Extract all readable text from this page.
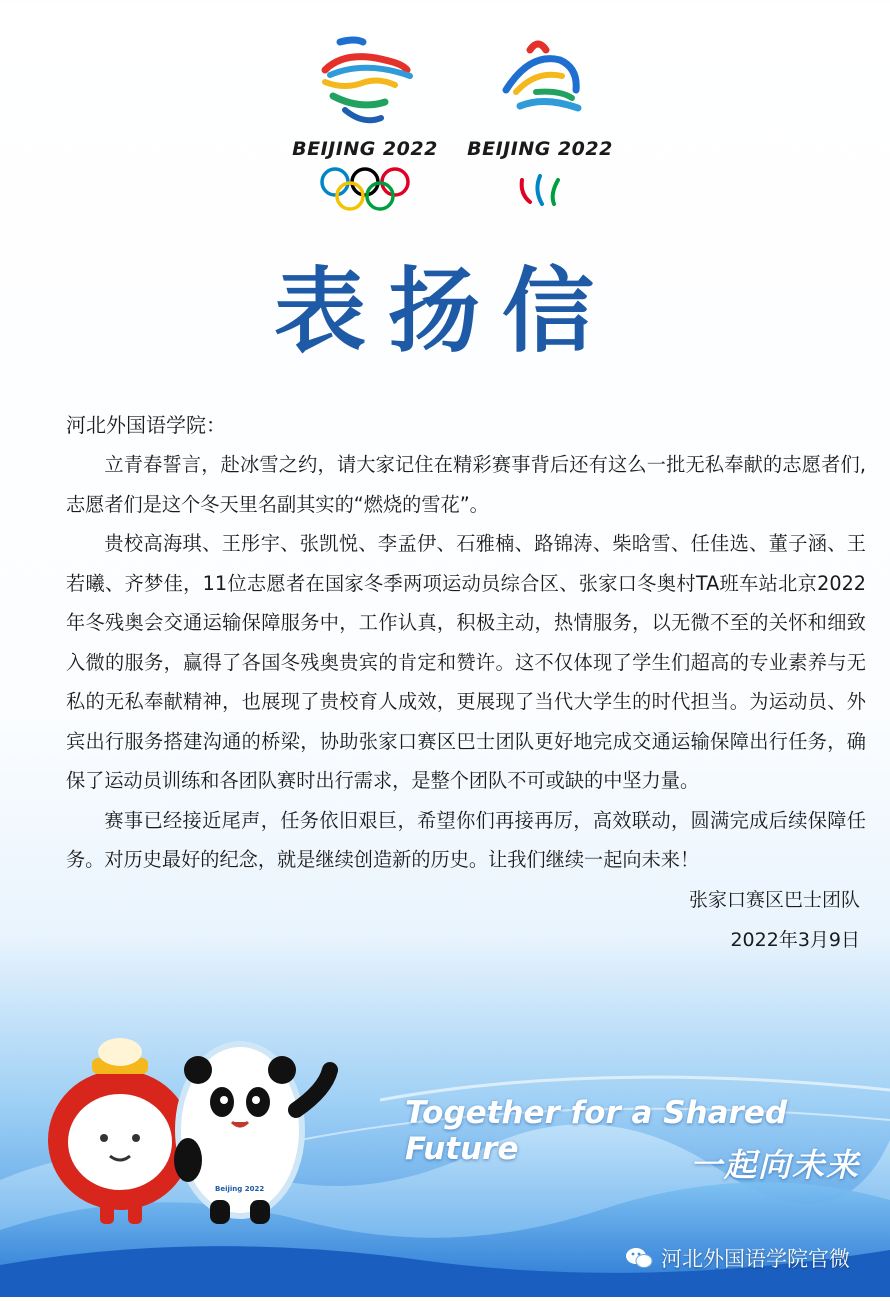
BEIJING 2022	BEIJING 2022
表扬信

河北外国语学院：

立青春誓言，赴冰雪之约，请大家记住在精彩赛事背后还有这么一批无私奉献的志愿者们,志愿者们是这个冬天里名副其实的“燃烧的雪花”。

贵校高海琪、王彤宇、张凯悦、李孟伊、石雅楠、路锦涛、柴晗雪、任佳选、董子涵、王若曦、齐梦佳，11位志愿者在国家冬季两项运动员综合区、张家口冬奥村TA班车站北京2022年冬残奥会交通运输保障服务中，工作认真，积极主动，热情服务，以无微不至的关怀和细致入微的服务，赢得了各国冬残奥贵宾的肯定和赞许。这不仅体现了学生们超高的专业素养与无私的无私奉献精神，也展现了贵校育人成效，更展现了当代大学生的时代担当。为运动员、外宾出行服务搭建沟通的桥梁，协助张家口赛区巴士团队更好地完成交通运输保障出行任务，确保了运动员训练和各团队赛时出行需求，是整个团队不可或缺的中坚力量。

赛事已经接近尾声，任务依旧艰巨，希望你们再接再厉，高效联动，圆满完成后续保障任务。对历史最好的纪念，就是继续创造新的历史。让我们继续一起向未来！

张家口赛区巴士团队
2022年3月9日
Beijing 2022
Together for a Shared Future	一起向未来
河北外国语学院官微
